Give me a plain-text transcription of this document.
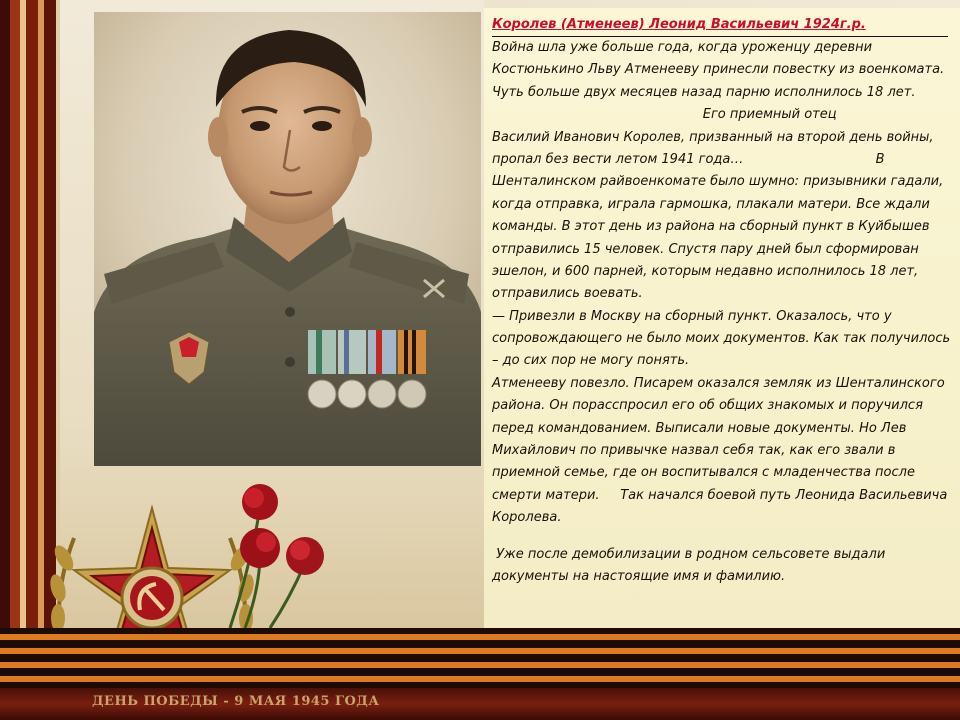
ДЕНЬ ПОБЕДЫ - 9 МАЯ 1945 ГОДА
Королев (Атменеев) Леонид Васильевич 1924г.р.
Война шла уже больше года, когда уроженцу деревни
Костюнькино Льву Атменееву принесли повестку из военкомата.
Чуть больше двух месяцев назад парню исполнилось 18 лет.
Его приемный отец
Василий Иванович Королев, призванный на второй день войны,
пропал без вести летом 1941 года…                                В
Шенталинском райвоенкомате было шумно: призывники гадали,
когда отправка, играла гармошка, плакали матери. Все ждали
команды. В этот день из района на сборный пункт в Куйбышев
отправились 15 человек. Спустя пару дней был сформирован
эшелон, и 600 парней, которым недавно исполнилось 18 лет,
отправились воевать.
— Привезли в Москву на сборный пункт. Оказалось, что у
сопровождающего не было моих документов. Как так получилось
– до сих пор не могу понять.
Атменееву повезло. Писарем оказался земляк из Шенталинского
района. Он порасспросил его об общих знакомых и поручился
перед командованием. Выписали новые документы. Но Лев
Михайлович по привычке назвал себя так, как его звали в
приемной семье, где он воспитывался с младенчества после
смерти матери.     Так начался боевой путь Леонида Васильевича
Королева.
Уже после демобилизации в родном сельсовете выдали
документы на настоящие имя и фамилию.
